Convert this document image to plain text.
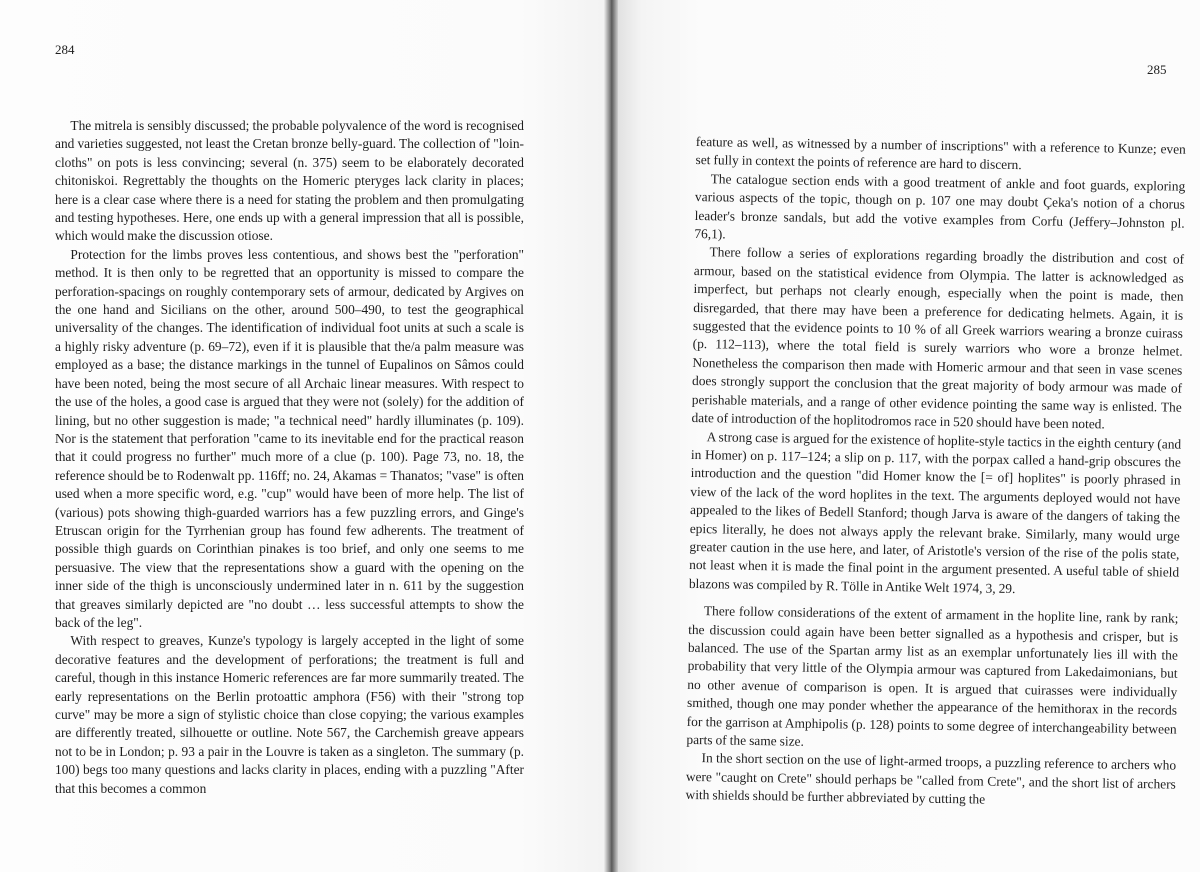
284

The mitrela is sensibly discussed; the probable polyvalence of the word is recognised and varieties suggested, not least the Cretan bronze belly-guard. The collection of "loin-cloths" on pots is less convincing; several (n. 375) seem to be elaborately decorated chitoniskoi. Regrettably the thoughts on the Homeric pteryges lack clarity in places; here is a clear case where there is a need for stating the problem and then promulgating and testing hypotheses. Here, one ends up with a general impression that all is possible, which would make the discussion otiose.

Protection for the limbs proves less contentious, and shows best the "perforation" method. It is then only to be regretted that an opportunity is missed to compare the perforation-spacings on roughly contemporary sets of armour, dedicated by Argives on the one hand and Sicilians on the other, around 500–490, to test the geographical universality of the changes. The identification of individual foot units at such a scale is a highly risky adventure (p. 69–72), even if it is plausible that the/a palm measure was employed as a base; the distance markings in the tunnel of Eupalinos on Sâmos could have been noted, being the most secure of all Archaic linear measures. With respect to the use of the holes, a good case is argued that they were not (solely) for the addition of lining, but no other suggestion is made; "a technical need" hardly illuminates (p. 109). Nor is the statement that perforation "came to its inevitable end for the practical reason that it could progress no further" much more of a clue (p. 100). Page 73, no. 18, the reference should be to Rodenwalt pp. 116ff; no. 24, Akamas = Thanatos; "vase" is often used when a more specific word, e.g. "cup" would have been of more help. The list of (various) pots showing thigh-guarded warriors has a few puzzling errors, and Ginge's Etruscan origin for the Tyrrhenian group has found few adherents. The treatment of possible thigh guards on Corinthian pinakes is too brief, and only one seems to me persuasive. The view that the representations show a guard with the opening on the inner side of the thigh is unconsciously undermined later in n. 611 by the suggestion that greaves similarly depicted are "no doubt … less successful attempts to show the back of the leg".

With respect to greaves, Kunze's typology is largely accepted in the light of some decorative features and the development of perforations; the treatment is full and careful, though in this instance Homeric references are far more summarily treated. The early representations on the Berlin protoattic amphora (F56) with their "strong top curve" may be more a sign of stylistic choice than close copying; the various examples are differently treated, silhouette or outline. Note 567, the Carchemish greave appears not to be in London; p. 93 a pair in the Louvre is taken as a singleton. The summary (p. 100) begs too many questions and lacks clarity in places, ending with a puzzling "After that this becomes a common

285

feature as well, as witnessed by a number of inscriptions" with a reference to Kunze; even set fully in context the points of reference are hard to discern.

The catalogue section ends with a good treatment of ankle and foot guards, exploring various aspects of the topic, though on p. 107 one may doubt Çeka's notion of a chorus leader's bronze sandals, but add the votive examples from Corfu (Jeffery–Johnston pl. 76,1).

There follow a series of explorations regarding broadly the distribution and cost of armour, based on the statistical evidence from Olympia. The latter is acknowledged as imperfect, but perhaps not clearly enough, especially when the point is made, then disregarded, that there may have been a preference for dedicating helmets. Again, it is suggested that the evidence points to 10 % of all Greek warriors wearing a bronze cuirass (p. 112–113), where the total field is surely warriors who wore a bronze helmet. Nonetheless the comparison then made with Homeric armour and that seen in vase scenes does strongly support the conclusion that the great majority of body armour was made of perishable materials, and a range of other evidence pointing the same way is enlisted. The date of introduction of the hoplitodromos race in 520 should have been noted.

A strong case is argued for the existence of hoplite-style tactics in the eighth century (and in Homer) on p. 117–124; a slip on p. 117, with the porpax called a hand-grip obscures the introduction and the question "did Homer know the [= of] hoplites" is poorly phrased in view of the lack of the word hoplites in the text. The arguments deployed would not have appealed to the likes of Bedell Stanford; though Jarva is aware of the dangers of taking the epics literally, he does not always apply the relevant brake. Similarly, many would urge greater caution in the use here, and later, of Aristotle's version of the rise of the polis state, not least when it is made the final point in the argument presented. A useful table of shield blazons was compiled by R. Tölle in Antike Welt 1974, 3, 29.

There follow considerations of the extent of armament in the hoplite line, rank by rank; the discussion could again have been better signalled as a hypothesis and crisper, but is balanced. The use of the Spartan army list as an exemplar unfortunately lies ill with the probability that very little of the Olympia armour was captured from Lakedaimonians, but no other avenue of comparison is open. It is argued that cuirasses were individually smithed, though one may ponder whether the appearance of the hemithorax in the records for the garrison at Amphipolis (p. 128) points to some degree of interchangeability between parts of the same size.

In the short section on the use of light-armed troops, a puzzling reference to archers who were "caught on Crete" should perhaps be "called from Crete", and the short list of archers with shields should be further abbreviated by cutting the
